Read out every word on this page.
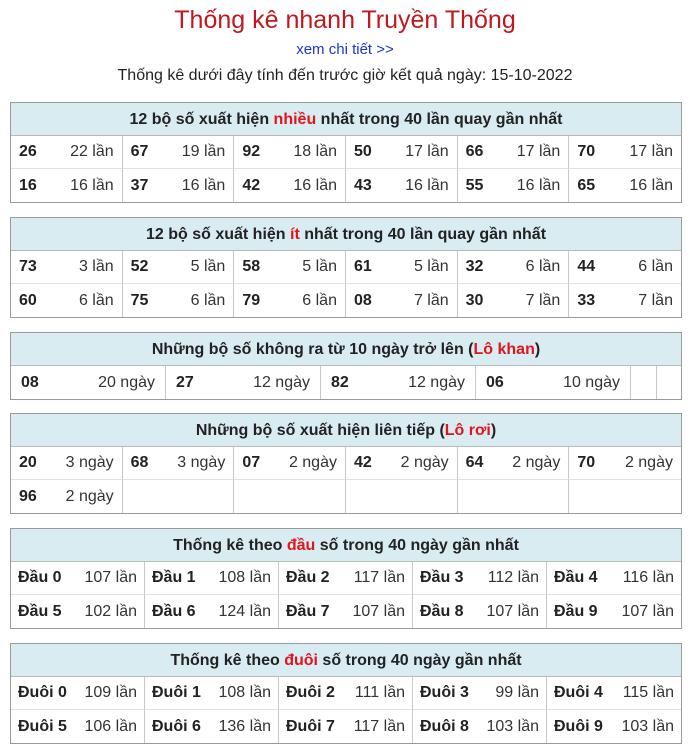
Thống kê nhanh Truyền Thống
xem chi tiết >>
Thống kê dưới đây tính đến trước giờ kết quả ngày: 15-10-2022
12 bộ số xuất hiện nhiều nhất trong 40 lần quay gần nhất
26 22 lần 67 19 lần 92 18 lần 50 17 lần 66 17 lần 70 17 lần
16 16 lần 37 16 lần 42 16 lần 43 16 lần 55 16 lần 65 16 lần
12 bộ số xuất hiện ít nhất trong 40 lần quay gần nhất
73	3 lần 52	5 lần 58	5 lần 61	5 lần 32	6 lần 44	6 lần
60	6 lần 75	6 lần 79	6 lần 08	7 lần 30	7 lần 33	7 lần
Những bộ số không ra từ 10 ngày trở lên (Lô khan)
08	20 ngày 27	12 ngày 82	12 ngày 06	10 ngày
Những bộ số xuất hiện liên tiếp (Lô rơi)
20 3 ngày 68 3 ngày 07 2 ngày 42 2 ngày 64 2 ngày 70 2 ngày
96 2 ngày
Thống kê theo đầu số trong 40 ngày gần nhất
Đầu 0 107 lần Đầu 1 108 lần Đầu 2 117 lần Đầu 3 112 lần Đầu 4 116 lần
Đầu 5 102 lần Đầu 6 124 lần Đầu 7 107 lần Đầu 8 107 lần Đầu 9 107 lần
Thống kê theo đuôi số trong 40 ngày gần nhất
Đuôi 0 109 lần Đuôi 1 108 lần Đuôi 2 111 lần Đuôi 3 99 lần Đuôi 4 115 lần
Đuôi 5 106 lần Đuôi 6 136 lần Đuôi 7 117 lần Đuôi 8 103 lần Đuôi 9 103 lần
